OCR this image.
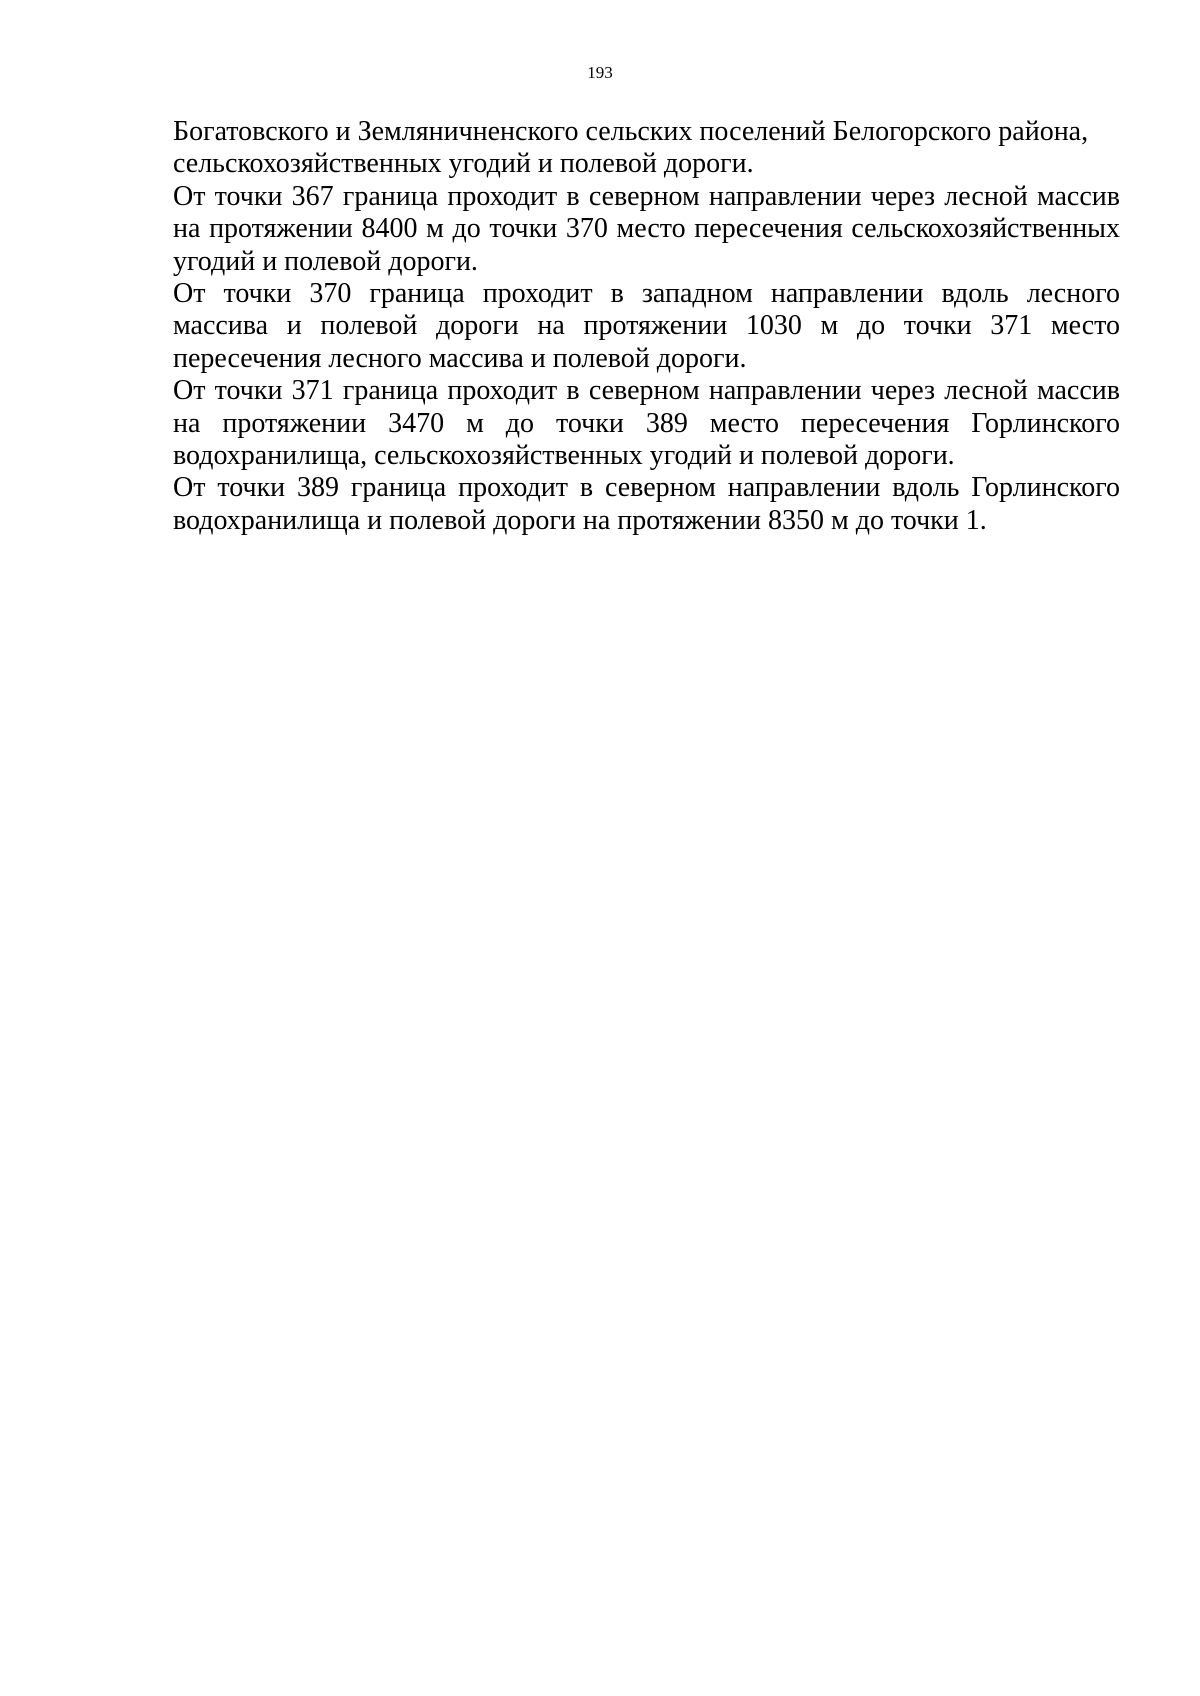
193

Богатовского и Земляничненского сельских поселений Белогорского района, сельскохозяйственных угодий и полевой дороги.

От точки 367 граница проходит в северном направлении через лесной массив на протяжении 8400 м до точки 370 место пересечения сельскохозяйственных угодий и полевой дороги.

От точки 370 граница проходит в западном направлении вдоль лесного массива и полевой дороги на протяжении 1030 м до точки 371 место пересечения лесного массива и полевой дороги.

От точки 371 граница проходит в северном направлении через лесной массив на протяжении 3470 м до точки 389 место пересечения Горлинского водохранилища, сельскохозяйственных угодий и полевой дороги.

От точки 389 граница проходит в северном направлении вдоль Горлинского водохранилища и полевой дороги на протяжении 8350 м до точки 1.
